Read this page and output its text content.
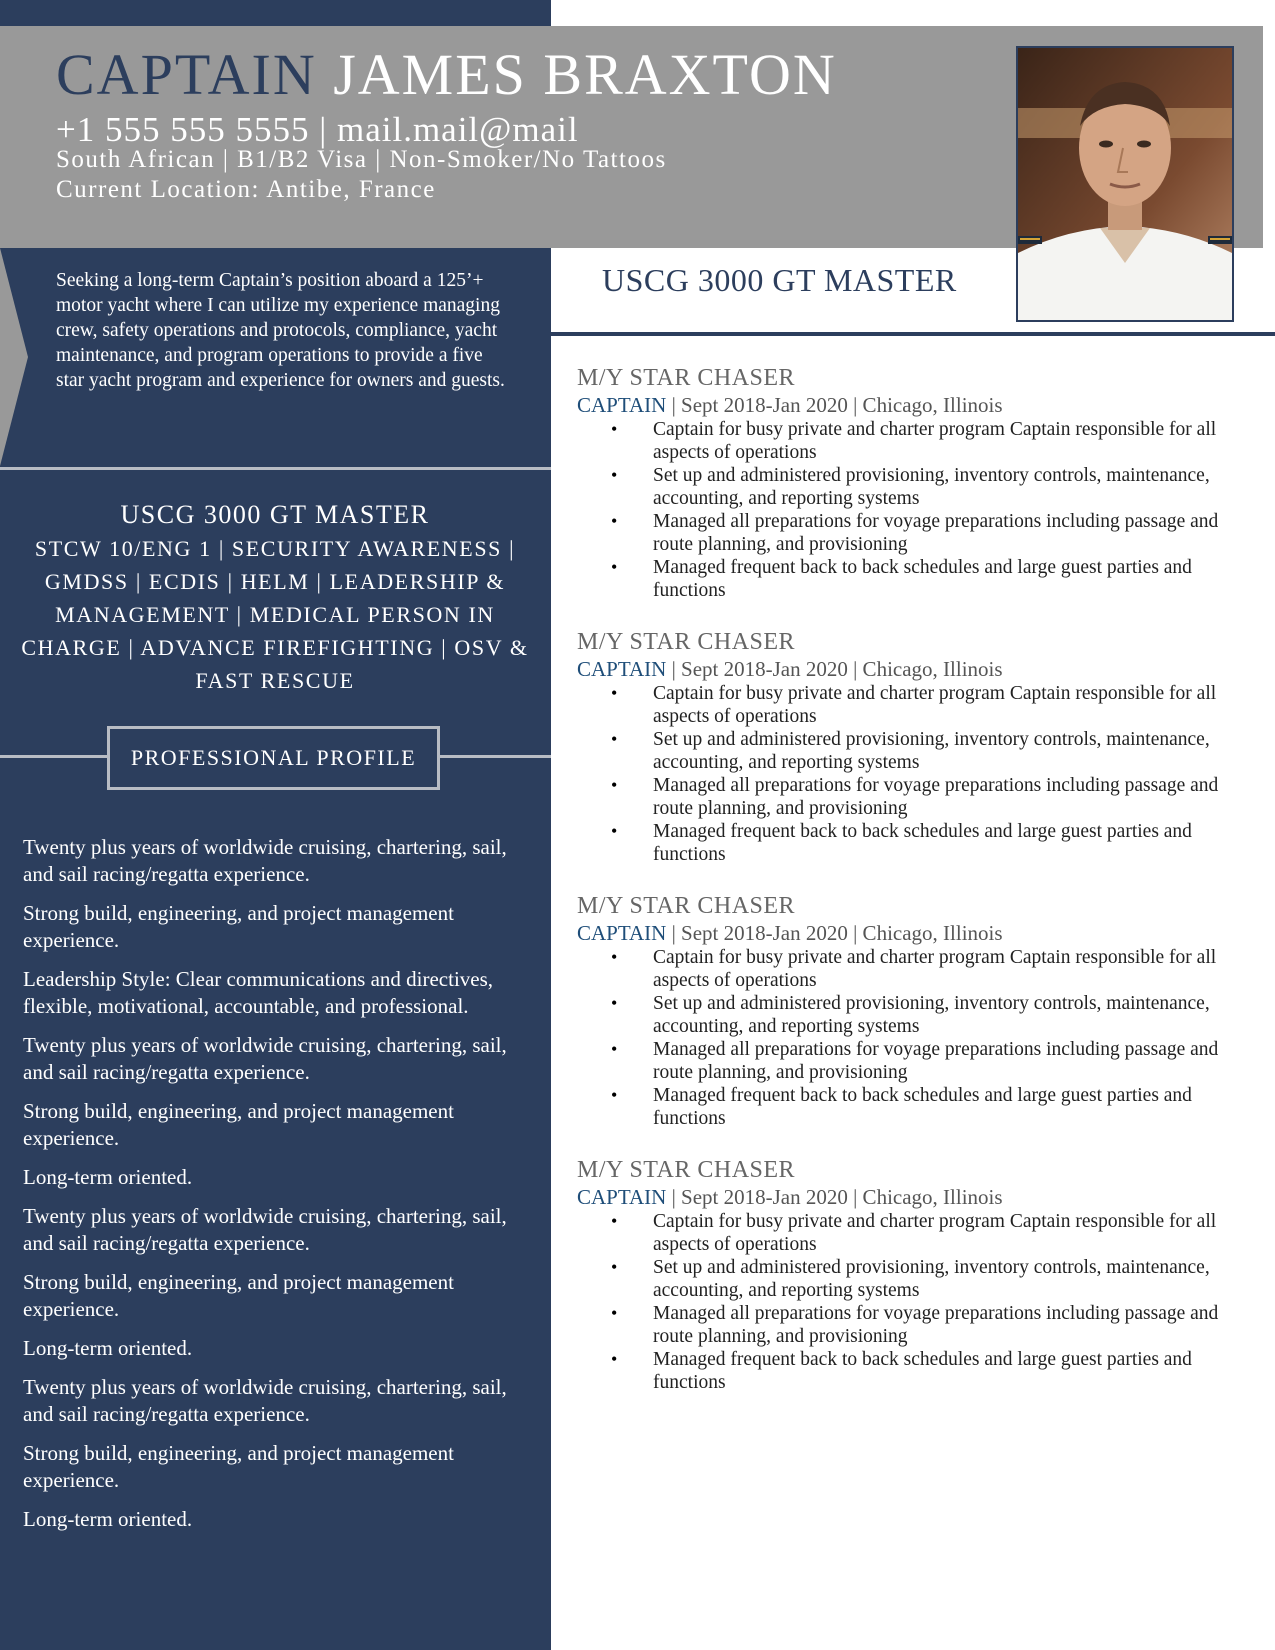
CAPTAIN JAMES BRAXTON
+1 555 555 5555 | mail.mail@mail
South African | B1/B2 Visa | Non-Smoker/No Tattoos
Current Location: Antibe, France
USCG 3000 GT MASTER
Seeking a long-term Captain’s position aboard a 125’+ motor yacht where I can utilize my experience managing crew, safety operations and protocols, compliance, yacht maintenance, and program operations to provide a five star yacht program and experience for owners and guests.
USCG 3000 GT MASTER
STCW 10/ENG 1 | SECURITY AWARENESS | GMDSS | ECDIS | HELM | LEADERSHIP & MANAGEMENT | MEDICAL PERSON IN CHARGE | ADVANCE FIREFIGHTING | OSV & FAST RESCUE
PROFESSIONAL PROFILE
Twenty plus years of worldwide cruising, chartering, sail, and sail racing/regatta experience.
Strong build, engineering, and project management experience.
Leadership Style: Clear communications and directives, flexible, motivational, accountable, and professional.
Twenty plus years of worldwide cruising, chartering, sail, and sail racing/regatta experience.
Strong build, engineering, and project management experience.
Long-term oriented.
Twenty plus years of worldwide cruising, chartering, sail, and sail racing/regatta experience.
Strong build, engineering, and project management experience.
Long-term oriented.
Twenty plus years of worldwide cruising, chartering, sail, and sail racing/regatta experience.
Strong build, engineering, and project management experience.
Long-term oriented.
M/Y STAR CHASER
CAPTAIN | Sept 2018-Jan 2020 | Chicago, Illinois
• Captain for busy private and charter program Captain responsible for all aspects of operations
• Set up and administered provisioning, inventory controls, maintenance, accounting, and reporting systems
• Managed all preparations for voyage preparations including passage and route planning, and provisioning
• Managed frequent back to back schedules and large guest parties and functions
M/Y STAR CHASER
CAPTAIN | Sept 2018-Jan 2020 | Chicago, Illinois
• Captain for busy private and charter program Captain responsible for all aspects of operations
• Set up and administered provisioning, inventory controls, maintenance, accounting, and reporting systems
• Managed all preparations for voyage preparations including passage and route planning, and provisioning
• Managed frequent back to back schedules and large guest parties and functions
M/Y STAR CHASER
CAPTAIN | Sept 2018-Jan 2020 | Chicago, Illinois
• Captain for busy private and charter program Captain responsible for all aspects of operations
• Set up and administered provisioning, inventory controls, maintenance, accounting, and reporting systems
• Managed all preparations for voyage preparations including passage and route planning, and provisioning
• Managed frequent back to back schedules and large guest parties and functions
M/Y STAR CHASER
CAPTAIN | Sept 2018-Jan 2020 | Chicago, Illinois
• Captain for busy private and charter program Captain responsible for all aspects of operations
• Set up and administered provisioning, inventory controls, maintenance, accounting, and reporting systems
• Managed all preparations for voyage preparations including passage and route planning, and provisioning
• Managed frequent back to back schedules and large guest parties and functions
